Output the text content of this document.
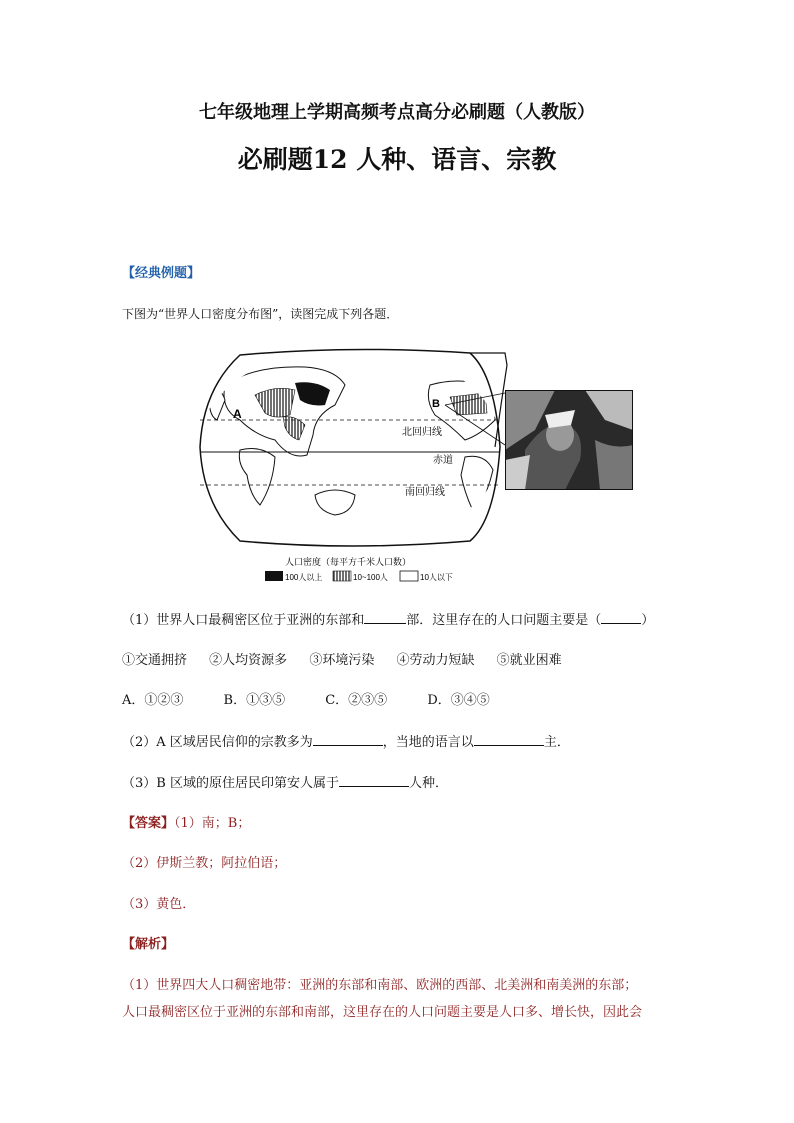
七年级地理上学期高频考点高分必刷题（人教版）
必刷题12 人种、语言、宗教
【经典例题】
下图为“世界人口密度分布图”，读图完成下列各题．
A
B
北回归线
赤道
南回归线
人口密度（每平方千米人口数）
100人以上	10~100人	10人以下
（1）世界人口最稠密区位于亚洲的东部和	部．这里存在的人口问题主要是（	）
①交通拥挤 ②人均资源多 ③环境污染 ④劳动力短缺 ⑤就业困难
A．①②③	B．①③⑤	C．②③⑤	D．③④⑤
（2）A 区域居民信仰的宗教多为	，当地的语言以	主．
（3）B 区域的原住居民印第安人属于	人种．
【答案】（1）南；B；
（2）伊斯兰教；阿拉伯语；
（3）黄色．
【解析】
（1）世界四大人口稠密地带：亚洲的东部和南部、欧洲的西部、北美洲和南美洲的东部；
人口最稠密区位于亚洲的东部和南部，这里存在的人口问题主要是人口多、增长快，因此会
